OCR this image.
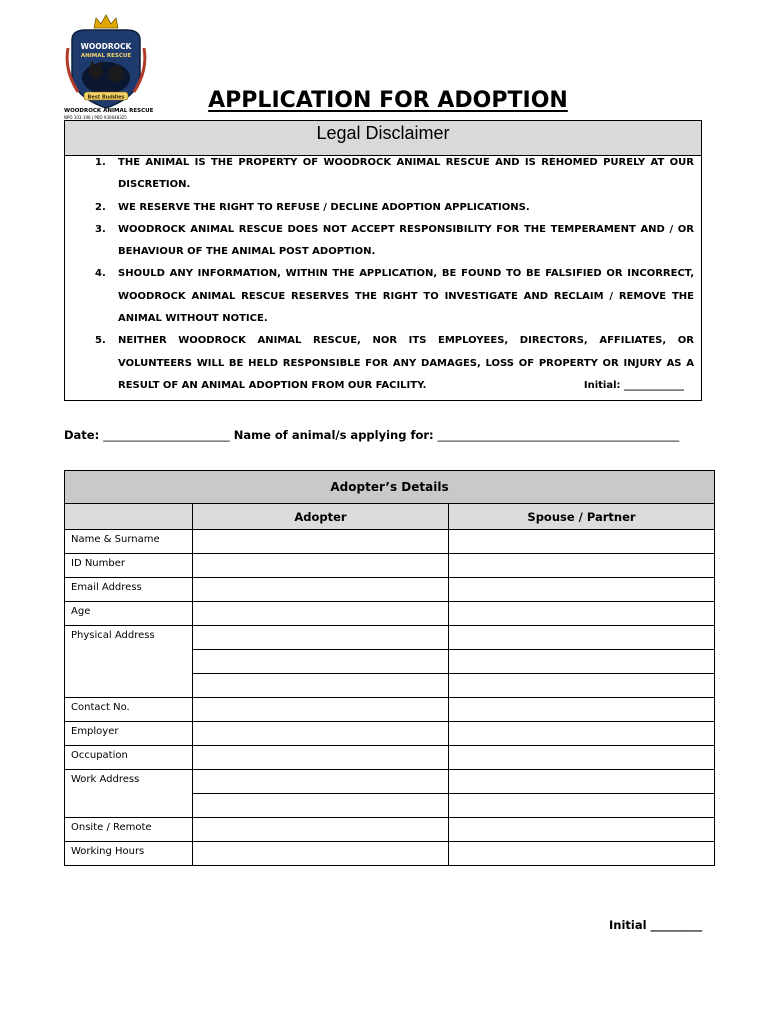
Best Buddies
WOODROCK
ANIMAL RESCUE
WOODROCK ANIMAL RESCUE
NPO 103-196 | PBO 930048325
APPLICATION FOR ADOPTION
Legal Disclaimer
1.	THE ANIMAL IS THE PROPERTY OF WOODROCK ANIMAL RESCUE AND IS REHOMED PURELY AT OUR DISCRETION.
2.	WE RESERVE THE RIGHT TO REFUSE / DECLINE ADOPTION APPLICATIONS.
3.	WOODROCK ANIMAL RESCUE DOES NOT ACCEPT RESPONSIBILITY FOR THE TEMPERAMENT AND / OR BEHAVIOUR OF THE ANIMAL POST ADOPTION.
4.	SHOULD ANY INFORMATION, WITHIN THE APPLICATION, BE FOUND TO BE FALSIFIED OR INCORRECT, WOODROCK ANIMAL RESCUE RESERVES THE RIGHT TO INVESTIGATE AND RECLAIM / REMOVE THE ANIMAL WITHOUT NOTICE.
5.	NEITHER WOODROCK ANIMAL RESCUE, NOR ITS EMPLOYEES, DIRECTORS, AFFILIATES, OR VOLUNTEERS WILL BE HELD RESPONSIBLE FOR ANY DAMAGES, LOSS OF PROPERTY OR INJURY AS A RESULT OF AN ANIMAL ADOPTION FROM OUR FACILITY.	Initial: ____________
Date: ______________________ Name of animal/s applying for: __________________________________________
Adopter’s Details		
	Adopter	Spouse / Partner
Name & Surname		
ID Number		
Email Address		
Age		
Physical Address		

Contact No.		
Employer		
Occupation		
Work Address		

Onsite / Remote		
Working Hours		
Initial _________
